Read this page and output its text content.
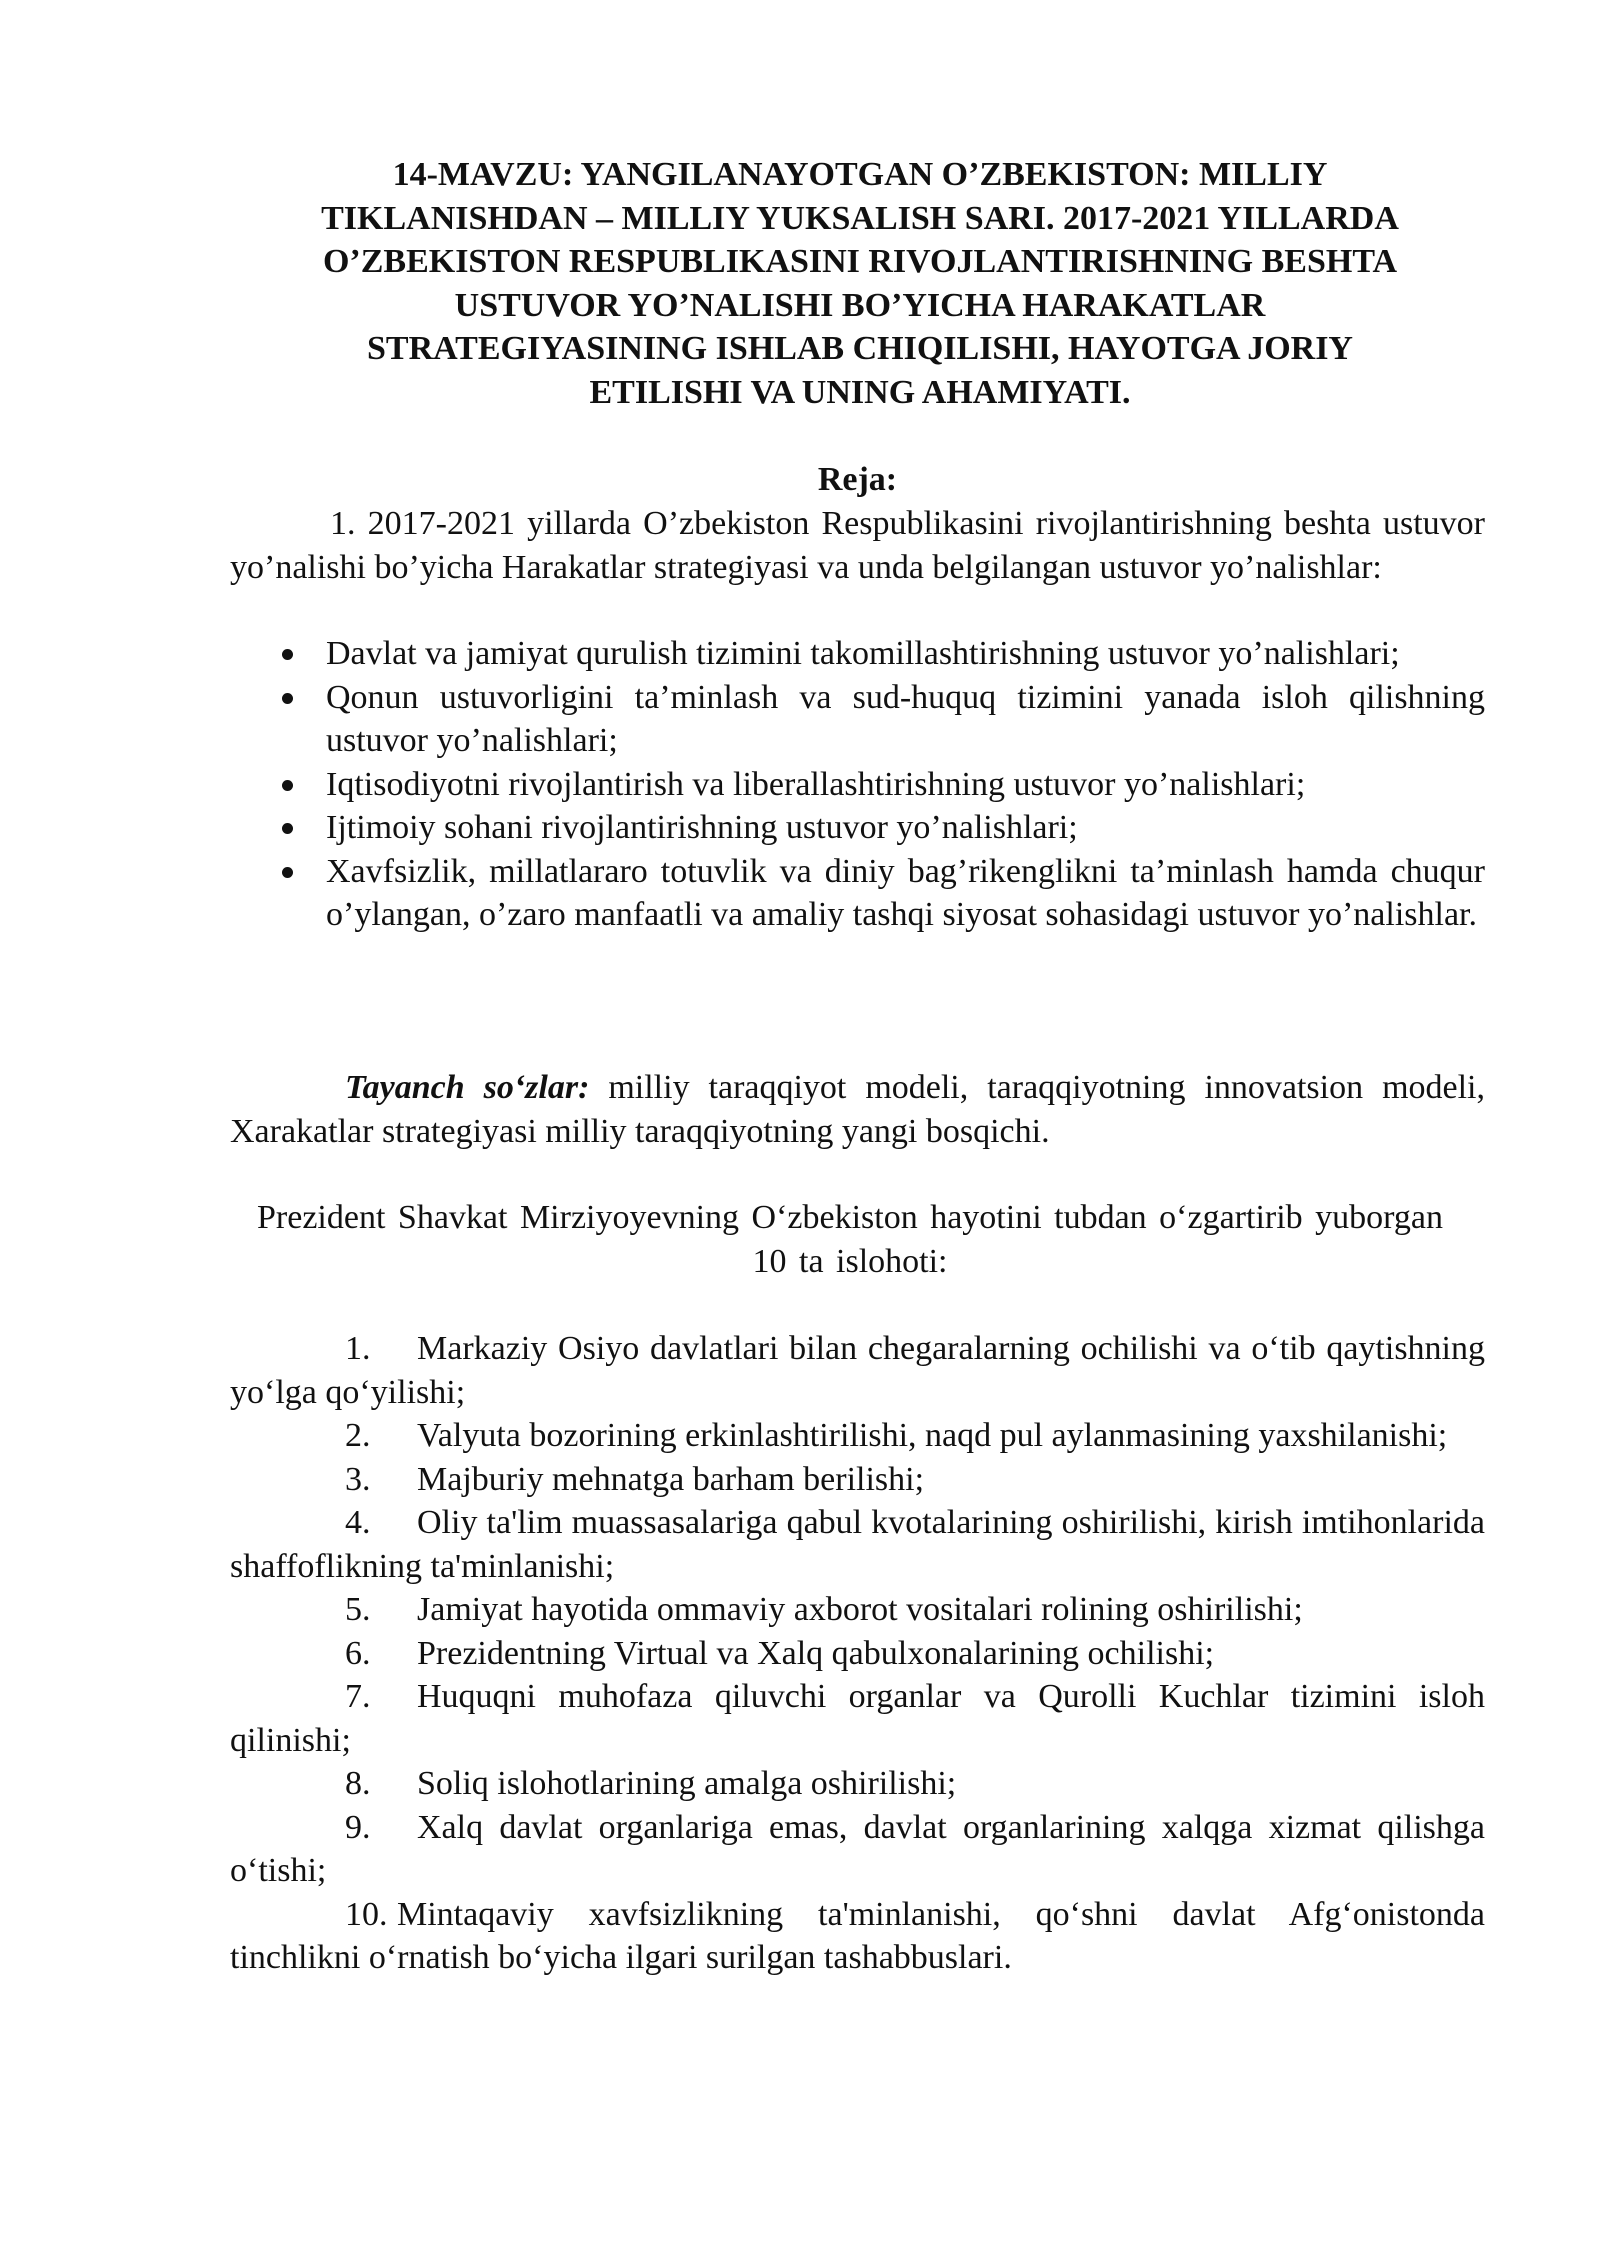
14-MAVZU: YANGILANAYOTGAN O’ZBEKISTON: MILLIY
TIKLANISHDAN – MILLIY YUKSALISH SARI. 2017-2021 YILLARDA
O’ZBEKISTON RESPUBLIKASINI RIVOJLANTIRISHNING BESHTA
USTUVOR YO’NALISHI BO’YICHA HARAKATLAR
STRATEGIYASINING ISHLAB CHIQILISHI, HAYOTGA JORIY
ETILISHI VA UNING AHAMIYATI.
Reja:
1. 2017-2021 yillarda O’zbekiston Respublikasini rivojlantirishning beshta ustuvor yo’nalishi bo’yicha Harakatlar strategiyasi va unda belgilangan ustuvor yo’nalishlar:
Davlat va jamiyat qurulish tizimini takomillashtirishning ustuvor yo’nalishlari;
Qonun ustuvorligini ta’minlash va sud-huquq tizimini yanada isloh qilishning ustuvor yo’nalishlari;
Iqtisodiyotni rivojlantirish va liberallashtirishning ustuvor yo’nalishlari;
Ijtimoiy sohani rivojlantirishning ustuvor yo’nalishlari;
Xavfsizlik, millatlararo totuvlik va diniy bag’rikenglikni ta’minlash hamda chuqur o’ylangan, o’zaro manfaatli va amaliy tashqi siyosat sohasidagi ustuvor yo’nalishlar.
Tayanch so‘zlar: milliy taraqqiyot modeli, taraqqiyotning innovatsion modeli, Xarakatlar strategiyasi milliy taraqqiyotning yangi bosqichi.
Prezident Shavkat Mirziyoyevning O‘zbekiston hayotini tubdan o‘zgartirib yuborgan 10 ta islohoti:
1. Markaziy Osiyo davlatlari bilan chegaralarning ochilishi va o‘tib qaytishning yo‘lga qo‘yilishi;
2. Valyuta bozorining erkinlashtirilishi, naqd pul aylanmasining yaxshilanishi;
3. Majburiy mehnatga barham berilishi;
4. Oliy ta'lim muassasalariga qabul kvotalarining oshirilishi, kirish imtihonlarida shaffoflikning ta'minlanishi;
5. Jamiyat hayotida ommaviy axborot vositalari rolining oshirilishi;
6. Prezidentning Virtual va Xalq qabulxonalarining ochilishi;
7. Huquqni muhofaza qiluvchi organlar va Qurolli Kuchlar tizimini isloh qilinishi;
8. Soliq islohotlarining amalga oshirilishi;
9. Xalq davlat organlariga emas, davlat organlarining xalqga xizmat qilishga o‘tishi;
10. Mintaqaviy xavfsizlikning ta'minlanishi, qo‘shni davlat Afg‘onistonda tinchlikni o‘rnatish bo‘yicha ilgari surilgan tashabbuslari.
